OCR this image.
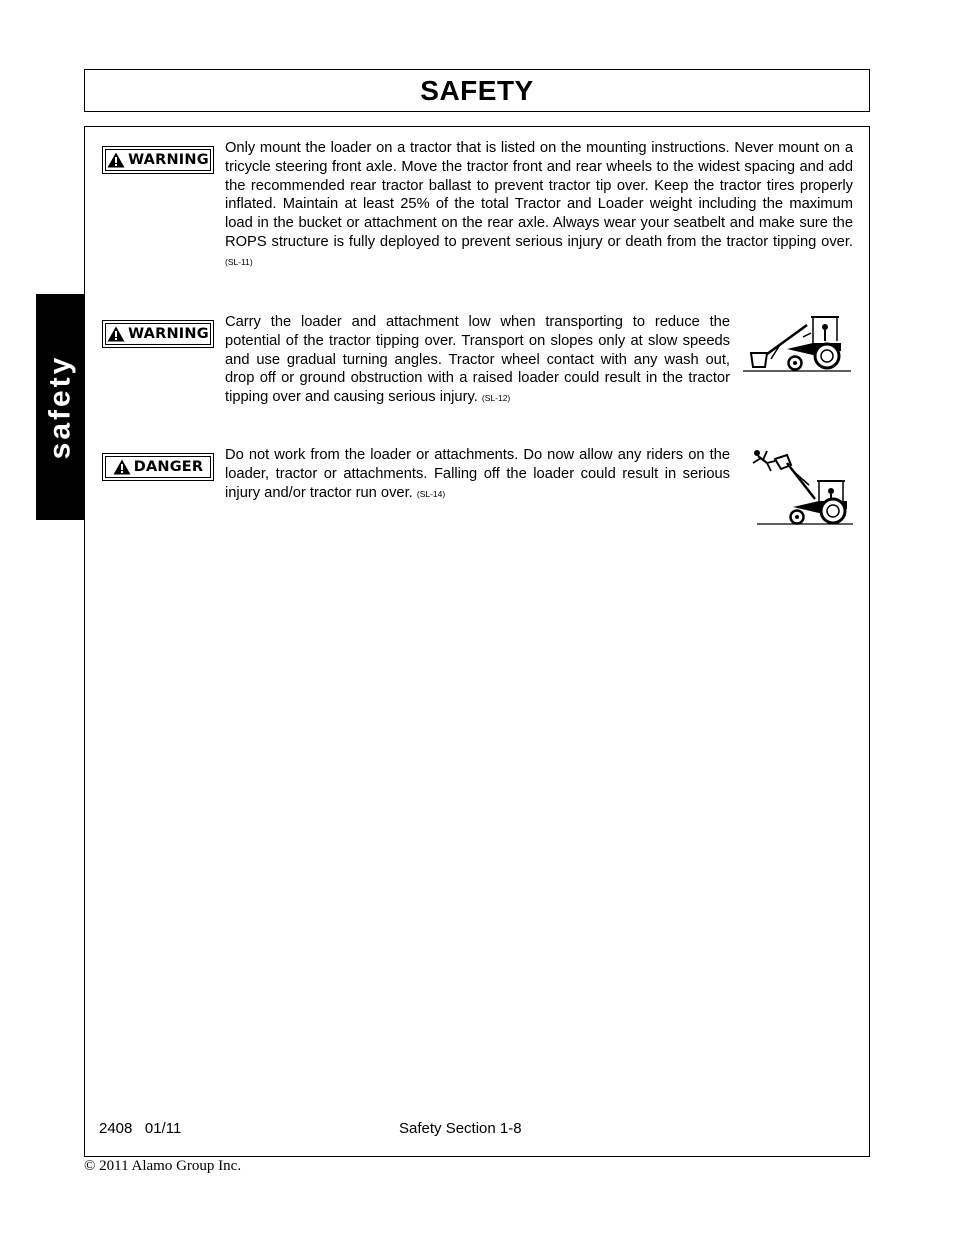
SAFETY
safety
WARNING
Only mount the loader on a tractor that is listed on the mounting instructions. Never mount on a tricycle steering front axle. Move the tractor front and rear wheels to the widest spacing and add the recommended rear tractor ballast to prevent tractor tip over. Keep the tractor tires properly inflated. Maintain at least 25% of the total Tractor and Loader weight including the maximum load in the bucket or attachment on the rear axle. Always wear your seatbelt and make sure the ROPS structure is fully deployed to prevent serious injury or death from the tractor tipping over. (SL-11)
WARNING
Carry the loader and attachment low when transporting to reduce the potential of the tractor tipping over. Transport on slopes only at slow speeds and use gradual turning angles. Tractor wheel contact with any wash out, drop off or ground obstruction with a raised loader could result in the tractor tipping over and causing serious injury. (SL-12)
DANGER
Do not work from the loader or attachments. Do now allow any riders on the loader, tractor or attachments. Falling off the loader could result in serious injury and/or tractor run over. (SL-14)
2408   01/11	Safety Section 1-8
© 2011 Alamo Group Inc.
